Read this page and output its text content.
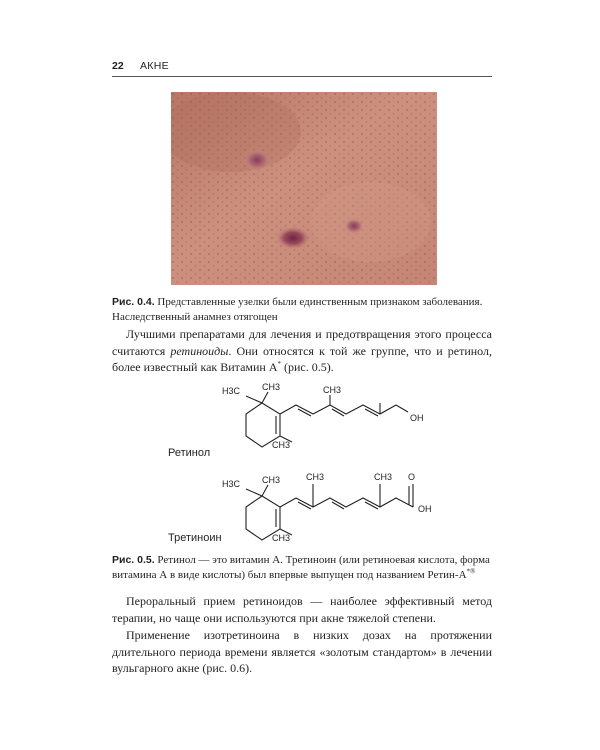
22 АКНЕ
Рис. 0.4. Представленные узелки были единственным признаком заболевания. Наследственный анамнез отягощен

Лучшими препаратами для лечения и предотвращения этого процесса считаются ретиноиды. Они относятся к той же группе, что и ретинол, более известный как Витамин А* (рис. 0.5).

H3C CH3
CH3
CH3
OH
H3C CH3
CH3
CH3	CH3 O
OH
Ретинол
Третиноин
Рис. 0.5. Ретинол — это витамин А. Третиноин (или ретиноевая кислота, форма витамина А в виде кислоты) был впервые выпущен под названием Ретин-А*®

Пероральный прием ретиноидов — наиболее эффективный метод терапии, но чаще они используются при акне тяжелой степени.

Применение изотретиноина в низких дозах на протяжении длительного периода времени является «золотым стандартом» в лечении вульгарного акне (рис. 0.6).
